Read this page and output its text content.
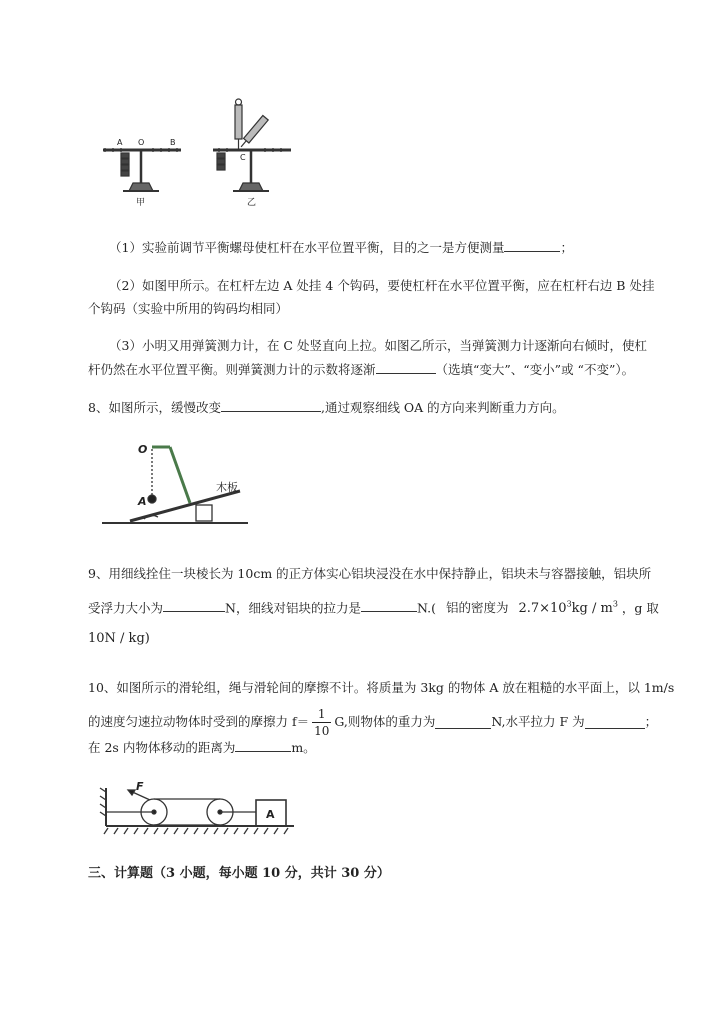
A O	B
甲
C
乙
（1）实验前调节平衡螺母使杠杆在水平位置平衡，目的之一是方便测量	；
（2）如图甲所示。在杠杆左边 A 处挂 4 个钩码，要使杠杆在水平位置平衡，应在杠杆右边 B 处挂
个钩码（实验中所用的钩码均相同）
（3）小明又用弹簧测力计，在 C 处竖直向上拉。如图乙所示，当弹簧测力计逐渐向右倾时，使杠
杆仍然在水平位置平衡。则弹簧测力计的示数将逐渐	（选填“变大”、“变小”或 “不变”）。
8、如图所示，缓慢改变	,通过观察细线 OA 的方向来判断重力方向。
O
A
木板
9、用细线拴住一块棱长为 10cm 的正方体实心铝块浸没在水中保持静止，铝块未与容器接触，铝块所
受浮力大小为	N，细线对铝块的拉力是	N.( 铝的密度为 $2.7\times 10^3kg / m^3$ ，g 取
10N / kg)
10、如图所示的滑轮组，绳与滑轮间的摩擦不计。将质量为 3kg 的物体 A 放在粗糙的水平面上，以 1m/s
的速度匀速拉动物体时受到的摩擦力 $f= \frac{1}{10} G$,则物体的重力为	N,水平拉力 F 为	；
在 2s 内物体移动的距离为	m。
F
A
三、计算题（3 小题，每小题 10 分，共计 30 分）
